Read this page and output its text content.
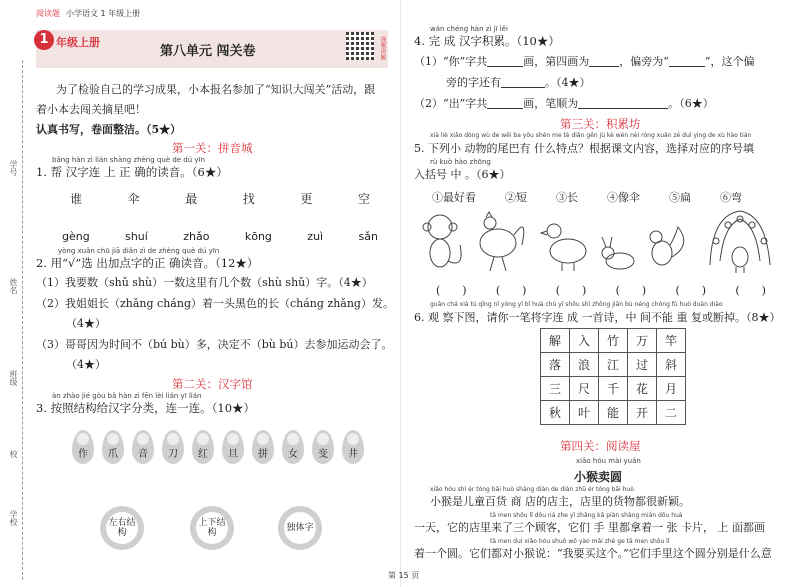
阅读题 小学语文 1 年级上册
1 年级上册
第八单元 闯关卷	视频讲解
学号
姓名
班级
校
学校
为了检验自己的学习成果，小本报名参加了“知识大闯关”活动，跟
着小本去闯关摘星吧！
认真书写，卷面整洁。（5★）
第一关：拼音城
bǎng hàn zì lián shàng zhèng què de dú yīn
1. 帮 汉字连 上 正 确的读音。（6★）
谁	伞	最	找	更	空
gèng	shuí	zhǎo	kōng	zuì	sǎn
yòng xuǎn chū jiā diǎn zì de zhèng què dú yīn
2. 用“√”选 出加点字的正 确读音。（12★）
（1）我要数（shǔ shù）一数这里有几个数（shù shǔ）字。（4★）
（2）我姐姐长（zhǎng cháng）着一头黑色的长（cháng zhǎng）发。
（4★）
（3）哥哥因为时间不（bú bù）多，决定不（bù bú）去参加运动会了。
（4★）
第二关：汉字馆
àn zhào jié gòu bǎ hàn zì fēn lèi lián yī lián
3. 按照结构给汉字分类，连一连。（10★）
作 爪 音 刀 红 旦 拼 女 变 井
左右结构
上下结构
独体字
wán chéng hàn zì jī lěi
4. 完 成 汉字积累。（10★）
（1）“你”字共	画，第四画为	，偏旁为“	”，这个偏
旁的字还有	。（4★）
（2）“出”字共	画，笔顺为	。（6★）
第三关：积累坊
xià liè xiǎo dòng wù de wěi ba yǒu shén me tè diǎn gēn jù kè wén nèi róng xuǎn zé duì yìng de xù hào tián
5. 下列小 动物的尾巴有 什么特点？根据课文内容，选择对应的序号填
rù kuò hào zhōng
入括号 中 。（6★）
①最好看	②短	③长	④像伞	⑤扁	⑥弯
(　　)	(　　)	(　　)	(　　)	(　　)	(　　)
guān chá xià tú qǐng nǐ yòng yī bǐ huà chū yī shǒu shī zhōng jiān bù néng chóng fù huò duàn diào
6. 观 察下图，请你一笔将字连 成 一首诗，中 间不能 重 复或断掉。（8★）
解	入	竹	万	竿
落	浪	江	过	斜
三	尺	千	花	月
秋	叶	能	开	二
第四关：阅读屋
xiǎo hóu mài yuán
小猴卖圆
xiǎo hóu shì ér tóng bǎi huò shāng diàn de diàn zhǔ ér tóng bǎi huò
小猴是儿童百货 商 店的店主，店里的货物都很新颖。
tā men shǒu lǐ dōu ná zhe yī zhāng kǎ piàn shàng miàn dōu huà
一天，它的店里来了三个顾客，它们 手 里都拿着一 张 卡片， 上 面都画
tā men duì xiǎo hóu shuō wǒ yào mǎi zhè ge tā men shǒu lǐ
着一个圆。它们都对小猴说：“我要买这个。”它们手里这个圆分别是什么意
第 15 页
